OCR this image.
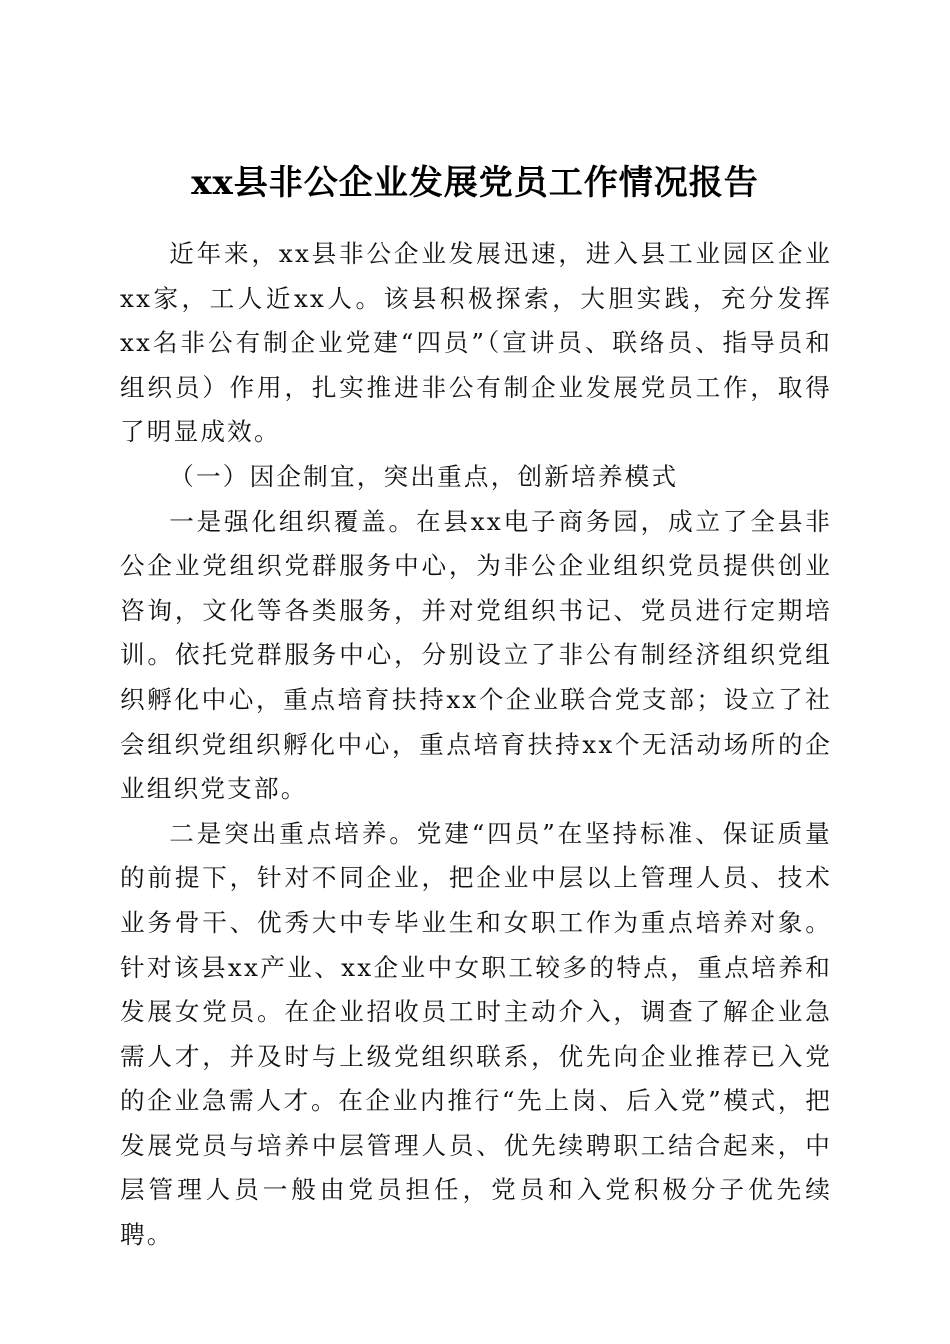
xx县非公企业发展党员工作情况报告

近年来，xx县非公企业发展迅速，进入县工业园区企业xx家，工人近xx人。该县积极探索，大胆实践，充分发挥xx名非公有制企业党建“四员”（宣讲员、联络员、指导员和组织员）作用，扎实推进非公有制企业发展党员工作，取得了明显成效。

（一）因企制宜，突出重点，创新培养模式

一是强化组织覆盖。在县xx电子商务园，成立了全县非公企业党组织党群服务中心，为非公企业组织党员提供创业咨询，文化等各类服务，并对党组织书记、党员进行定期培训。依托党群服务中心，分别设立了非公有制经济组织党组织孵化中心，重点培育扶持xx个企业联合党支部；设立了社会组织党组织孵化中心，重点培育扶持xx个无活动场所的企业组织党支部。

二是突出重点培养。党建“四员”在坚持标准、保证质量的前提下，针对不同企业，把企业中层以上管理人员、技术业务骨干、优秀大中专毕业生和女职工作为重点培养对象。针对该县xx产业、xx企业中女职工较多的特点，重点培养和发展女党员。在企业招收员工时主动介入，调查了解企业急需人才，并及时与上级党组织联系，优先向企业推荐已入党的企业急需人才。在企业内推行“先上岗、后入党”模式，把发展党员与培养中层管理人员、优先续聘职工结合起来，中层管理人员一般由党员担任，党员和入党积极分子优先续聘。
